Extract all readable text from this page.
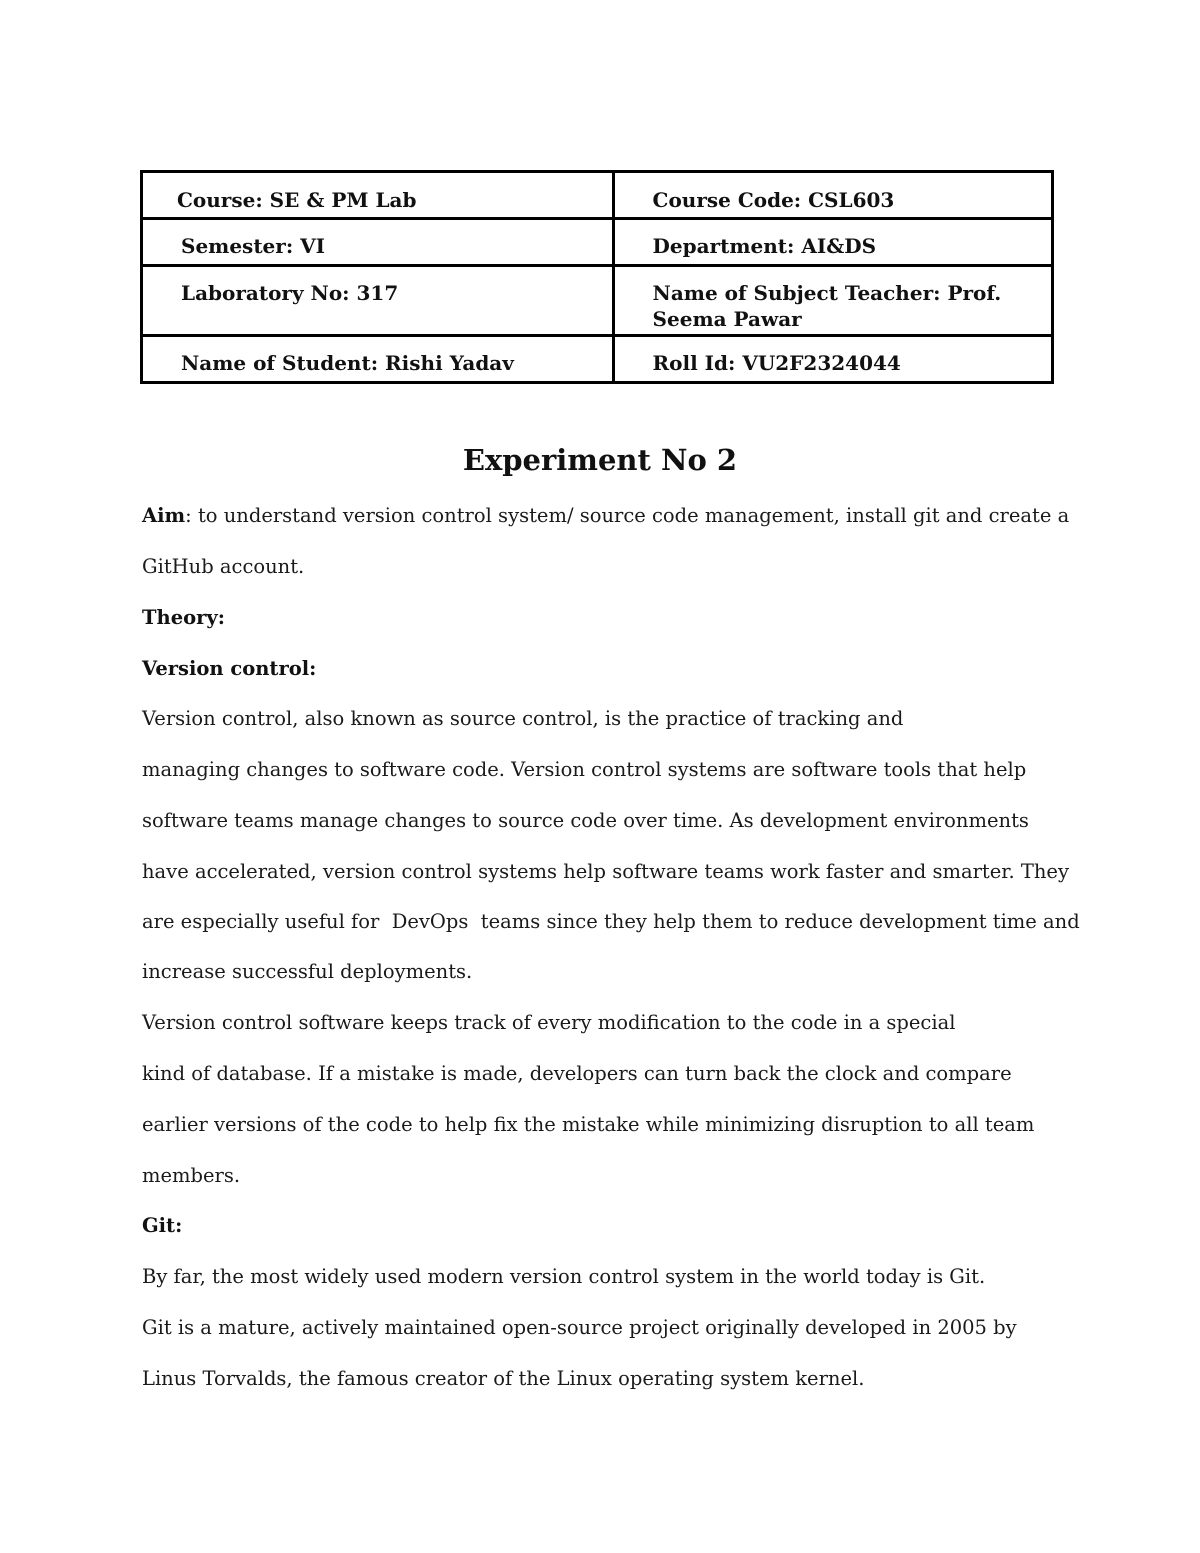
Course: SE & PM Lab	Course Code: CSL603

Semester: VI	Department: AI&DS

Laboratory No: 317	Name of Subject Teacher: Prof. Seema Pawar

Name of Student: Rishi Yadav	Roll Id: VU2F2324044
Experiment No 2
Aim: to understand version control system/ source code management, install git and create a
GitHub account.
Theory:
Version control:
Version control, also known as source control, is the practice of tracking and
managing changes to software code. Version control systems are software tools that help
software teams manage changes to source code over time. As development environments
have accelerated, version control systems help software teams work faster and smarter. They
are especially useful for  DevOps  teams since they help them to reduce development time and
increase successful deployments.
Version control software keeps track of every modification to the code in a special
kind of database. If a mistake is made, developers can turn back the clock and compare
earlier versions of the code to help fix the mistake while minimizing disruption to all team
members.
Git:
By far, the most widely used modern version control system in the world today is Git.
Git is a mature, actively maintained open-source project originally developed in 2005 by
Linus Torvalds, the famous creator of the Linux operating system kernel.
